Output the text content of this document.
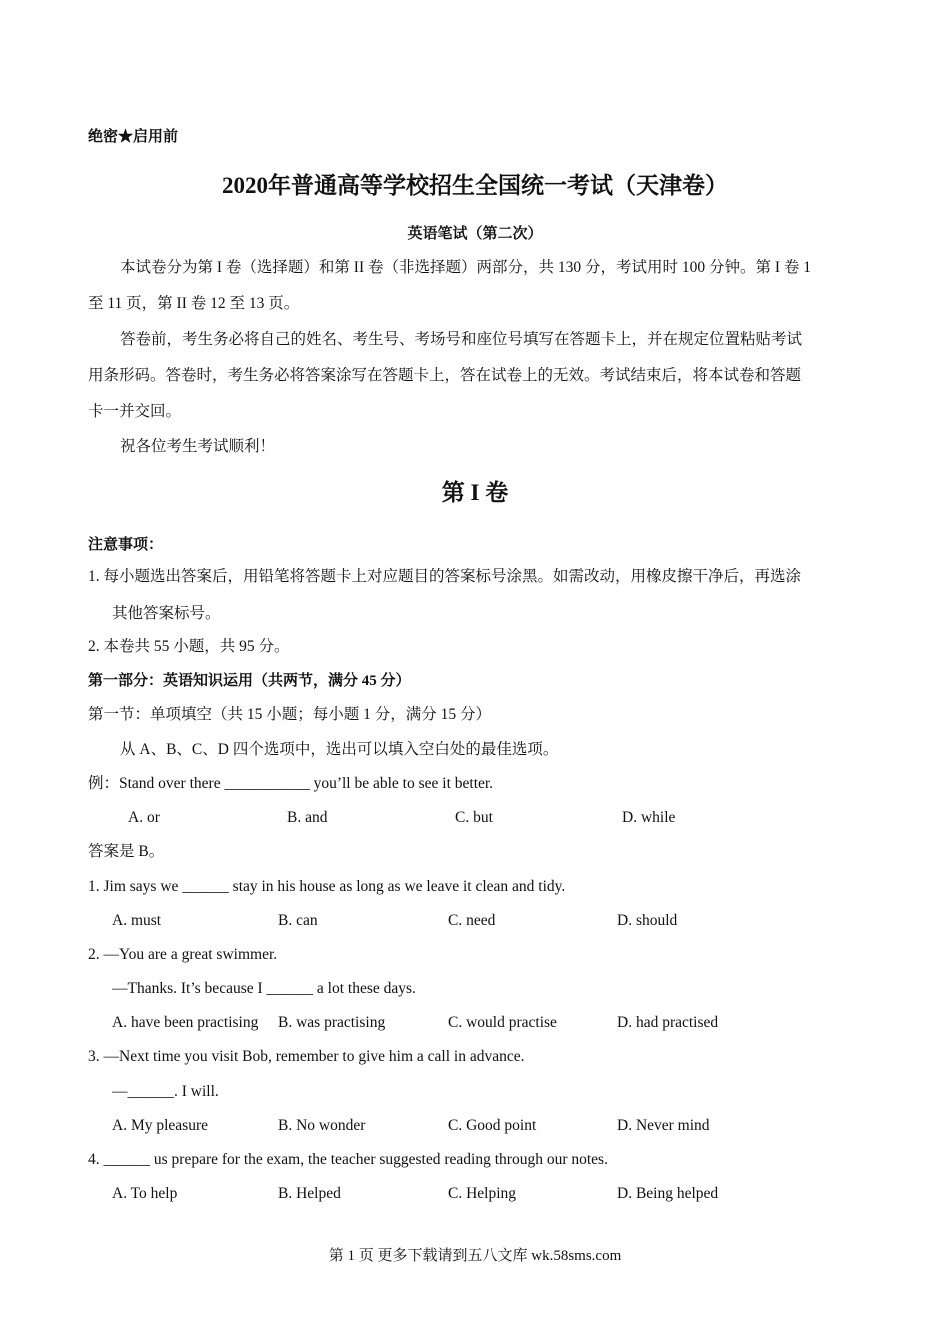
绝密★启用前
2020年普通高等学校招生全国统一考试（天津卷）
英语笔试（第二次）
本试卷分为第 I 卷（选择题）和第 II 卷（非选择题）两部分，共 130 分，考试用时 100 分钟。第 I 卷 1
至 11 页，第 II 卷 12 至 13 页。
答卷前，考生务必将自己的姓名、考生号、考场号和座位号填写在答题卡上，并在规定位置粘贴考试
用条形码。答卷时，考生务必将答案涂写在答题卡上，答在试卷上的无效。考试结束后，将本试卷和答题
卡一并交回。
祝各位考生考试顺利！
第 I 卷
注意事项：
1. 每小题选出答案后，用铅笔将答题卡上对应题目的答案标号涂黑。如需改动，用橡皮擦干净后，再选涂
其他答案标号。
2. 本卷共 55 小题，共 95 分。
第一部分：英语知识运用（共两节，满分 45 分）
第一节：单项填空（共 15 小题；每小题 1 分，满分 15 分）
从 A、B、C、D 四个选项中，选出可以填入空白处的最佳选项。
例：Stand over there ___________ you’ll be able to see it better.
A. or	B. and	C. but	D. while
答案是 B。
1. Jim says we ______ stay in his house as long as we leave it clean and tidy.
A. must	B. can	C. need	D. should
2. —You are a great swimmer.
—Thanks. It’s because I ______ a lot these days.
A. have been practising B. was practising	C. would practise	D. had practised
3. —Next time you visit Bob, remember to give him a call in advance.
—______. I will.
A. My pleasure	B. No wonder	C. Good point	D. Never mind
4. ______ us prepare for the exam, the teacher suggested reading through our notes.
A. To help	B. Helped	C. Helping	D. Being helped
第 1 页 更多下载请到五八文库 wk.58sms.com
